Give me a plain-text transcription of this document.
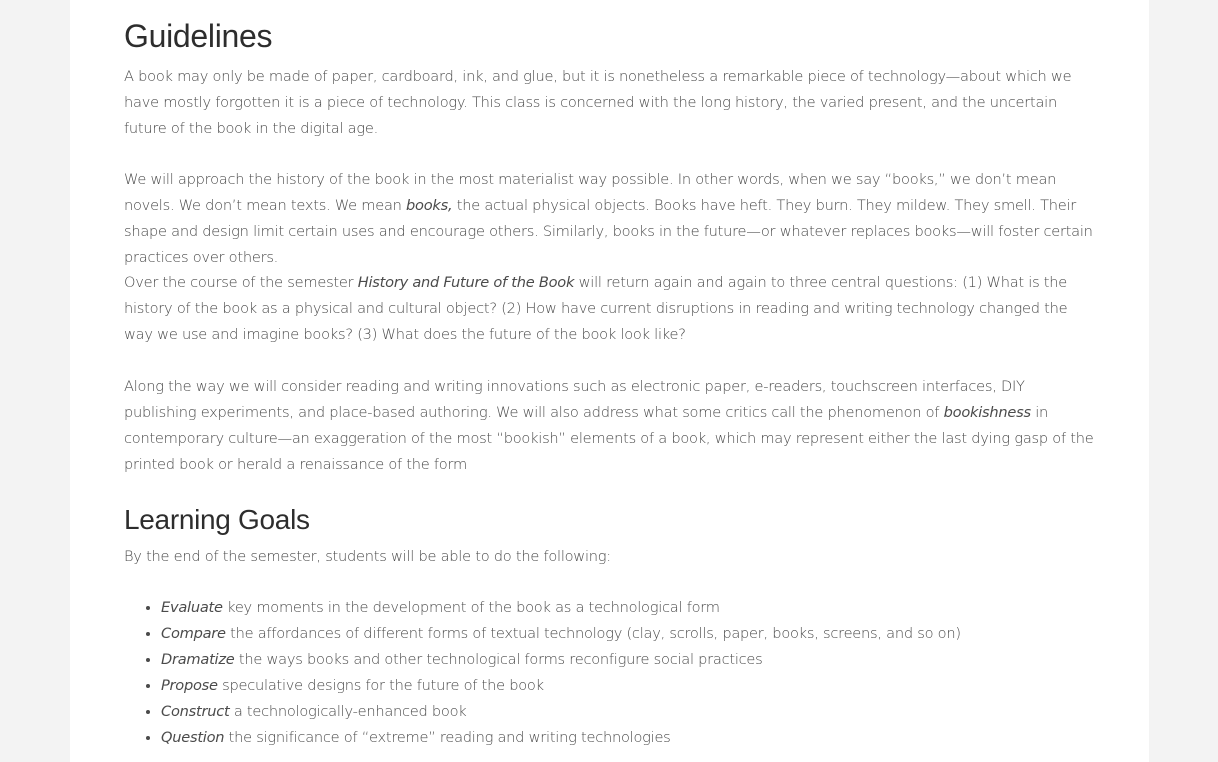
Guidelines

A book may only be made of paper, cardboard, ink, and glue, but it is nonetheless a remarkable piece of technology—about which we have mostly forgotten it is a piece of technology. This class is concerned with the long history, the varied present, and the uncertain future of the book in the digital age.

We will approach the history of the book in the most materialist way possible. In other words, when we say “books,” we don’t mean novels. We don’t mean texts. We mean books, the actual physical objects. Books have heft. They burn. They mildew. They smell. Their shape and design limit certain uses and encourage others. Similarly, books in the future—or whatever replaces books—will foster certain practices over others.

Over the course of the semester History and Future of the Book will return again and again to three central questions: (1) What is the history of the book as a physical and cultural object? (2) How have current disruptions in reading and writing technology changed the way we use and imagine books? (3) What does the future of the book look like?

Along the way we will consider reading and writing innovations such as electronic paper, e-readers, touchscreen interfaces, DIY publishing experiments, and place-based authoring. We will also address what some critics call the phenomenon of bookishness in contemporary culture—an exaggeration of the most “bookish” elements of a book, which may represent either the last dying gasp of the printed book or herald a renaissance of the form

Learning Goals

By the end of the semester, students will be able to do the following:

• Evaluate key moments in the development of the book as a technological form
• Compare the affordances of different forms of textual technology (clay, scrolls, paper, books, screens, and so on)
• Dramatize the ways books and other technological forms reconfigure social practices
• Propose speculative designs for the future of the book
• Construct a technologically-enhanced book
• Question the significance of “extreme” reading and writing technologies
